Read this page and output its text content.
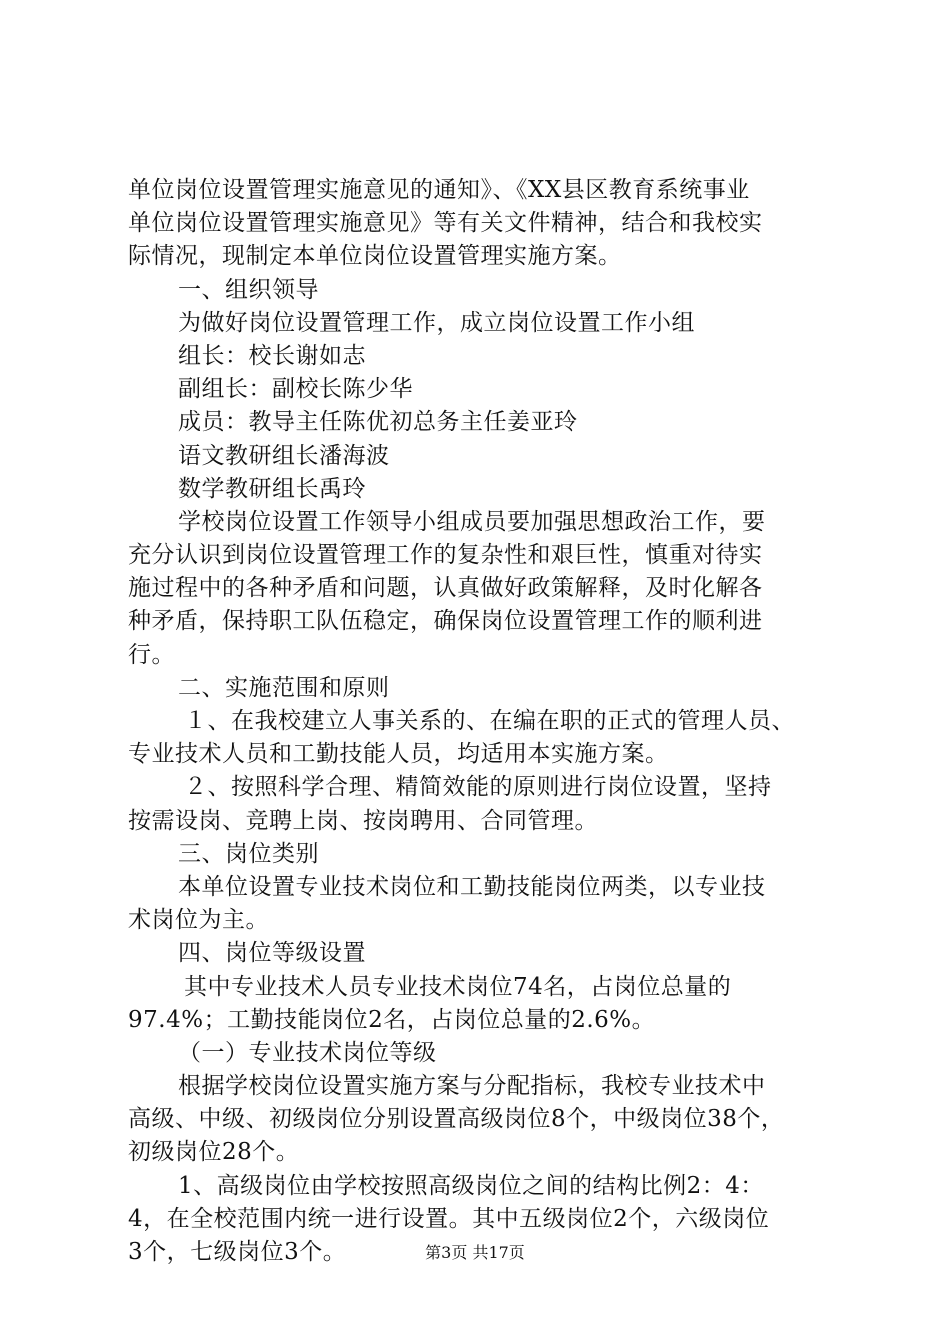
单位岗位设置管理实施意见的通知》、《XX县区教育系统事业
单位岗位设置管理实施意见》等有关文件精神，结合和我校实
际情况，现制定本单位岗位设置管理实施方案。
一、组织领导
为做好岗位设置管理工作，成立岗位设置工作小组
组长：校长谢如志
副组长：副校长陈少华
成员：教导主任陈优初总务主任姜亚玲
语文教研组长潘海波
数学教研组长禹玲
学校岗位设置工作领导小组成员要加强思想政治工作，要
充分认识到岗位设置管理工作的复杂性和艰巨性，慎重对待实
施过程中的各种矛盾和问题，认真做好政策解释，及时化解各
种矛盾，保持职工队伍稳定，确保岗位设置管理工作的顺利进
行。
二、实施范围和原则
１、在我校建立人事关系的、在编在职的正式的管理人员、
专业技术人员和工勤技能人员，均适用本实施方案。
２、按照科学合理、精简效能的原则进行岗位设置，坚持
按需设岗、竞聘上岗、按岗聘用、合同管理。
三、岗位类别
本单位设置专业技术岗位和工勤技能岗位两类，以专业技
术岗位为主。
四、岗位等级设置
其中专业技术人员专业技术岗位74名，占岗位总量的
97.4%；工勤技能岗位2名，占岗位总量的2.6%。
（一）专业技术岗位等级
根据学校岗位设置实施方案与分配指标，我校专业技术中
高级、中级、初级岗位分别设置高级岗位8个，中级岗位38个，
初级岗位28个。
1、高级岗位由学校按照高级岗位之间的结构比例2：4：
4，在全校范围内统一进行设置。其中五级岗位2个，六级岗位
3个，七级岗位3个。	第3页 共17页
